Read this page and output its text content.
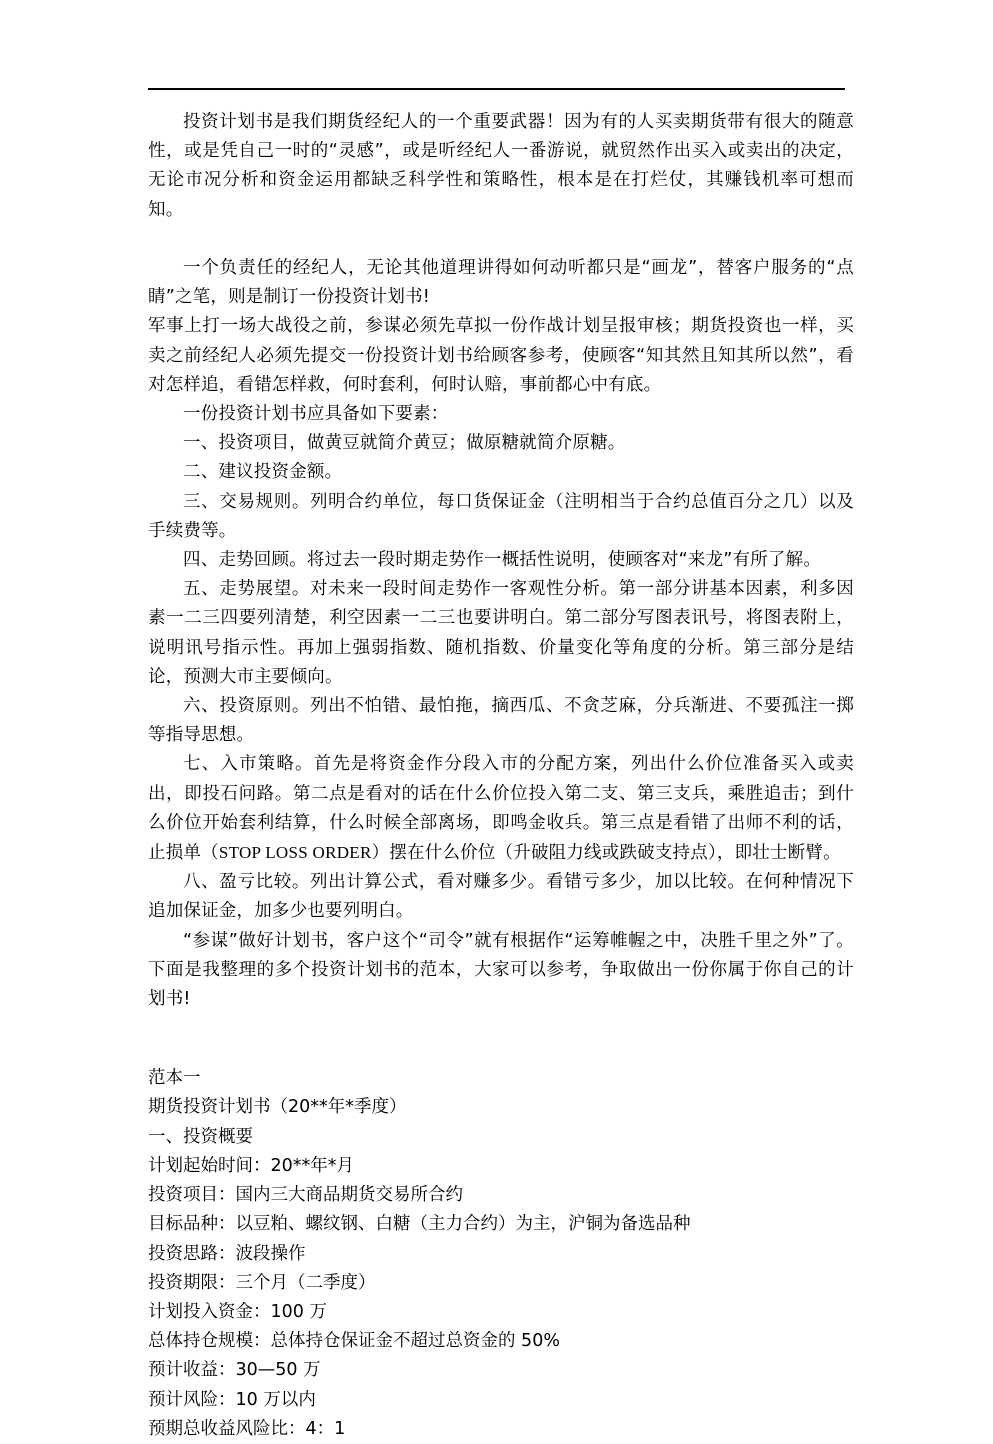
投资计划书是我们期货经纪人的一个重要武器！因为有的人买卖期货带有很大的随意性，或是凭自己一时的“灵感”，或是听经纪人一番游说，就贸然作出买入或卖出的决定，无论市况分析和资金运用都缺乏科学性和策略性，根本是在打烂仗，其赚钱机率可想而知。

一个负责任的经纪人，无论其他道理讲得如何动听都只是“画龙”，替客户服务的“点睛”之笔，则是制订一份投资计划书!

军事上打一场大战役之前，参谋必须先草拟一份作战计划呈报审核；期货投资也一样，买卖之前经纪人必须先提交一份投资计划书给顾客参考，使顾客“知其然且知其所以然”，看对怎样追，看错怎样救，何时套利，何时认赔，事前都心中有底。

一份投资计划书应具备如下要素：

一、投资项目，做黄豆就简介黄豆；做原糖就简介原糖。

二、建议投资金额。

三、交易规则。列明合约单位，每口货保证金（注明相当于合约总值百分之几）以及手续费等。

四、走势回顾。将过去一段时期走势作一概括性说明，使顾客对“来龙”有所了解。

五、走势展望。对未来一段时间走势作一客观性分析。第一部分讲基本因素，利多因素一二三四要列清楚，利空因素一二三也要讲明白。第二部分写图表讯号，将图表附上，说明讯号指示性。再加上强弱指数、随机指数、价量变化等角度的分析。第三部分是结论，预测大市主要倾向。

六、投资原则。列出不怕错、最怕拖，摘西瓜、不贪芝麻，分兵渐进、不要孤注一掷等指导思想。

七、入市策略。首先是将资金作分段入市的分配方案，列出什么价位准备买入或卖出，即投石问路。第二点是看对的话在什么价位投入第二支、第三支兵，乘胜追击；到什么价位开始套利结算，什么时候全部离场，即鸣金收兵。第三点是看错了出师不利的话，止损单（STOP LOSS ORDER）摆在什么价位（升破阻力线或跌破支持点），即壮士断臂。

八、盈亏比较。列出计算公式，看对赚多少。看错亏多少，加以比较。在何种情况下追加保证金，加多少也要列明白。

“参谋”做好计划书，客户这个“司令”就有根据作“运筹帷幄之中，决胜千里之外”了。下面是我整理的多个投资计划书的范本，大家可以参考，争取做出一份你属于你自己的计划书!

范本一

期货投资计划书（20**年*季度）

一、投资概要

计划起始时间：20**年*月

投资项目：国内三大商品期货交易所合约

目标品种：以豆粕、螺纹钢、白糖（主力合约）为主，沪铜为备选品种

投资思路：波段操作

投资期限：三个月（二季度）

计划投入资金：100 万

总体持仓规模：总体持仓保证金不超过总资金的 50%

预计收益：30—50 万

预计风险：10 万以内

预期总收益风险比：4：1
